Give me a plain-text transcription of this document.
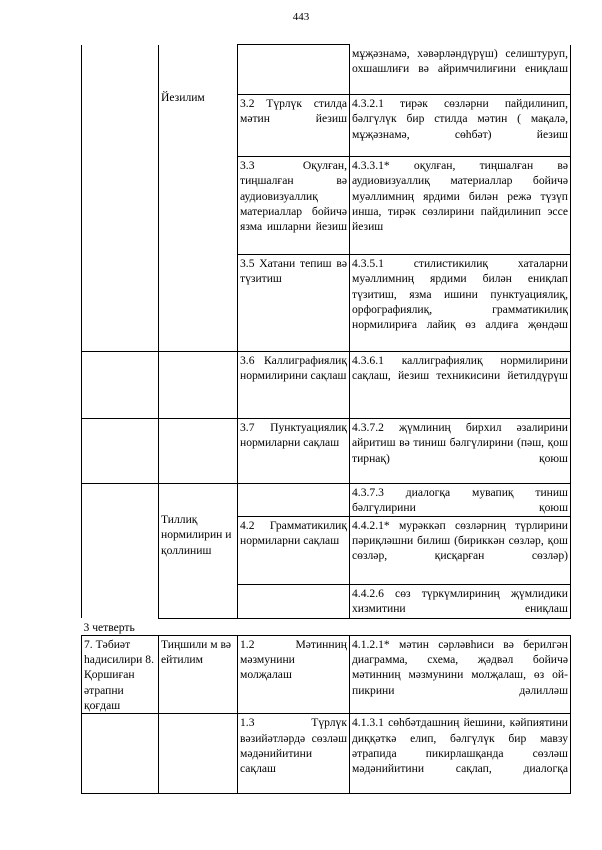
443

	Йезилим		мұҗәзнамә, хәвәрләндүрүш) селиштуруп, охшашлиғи вә айримчилиғини ениқлаш
		3.2 Түрлүк стилда мәтин йезиш	4.3.2.1 тирәк сөзләрни пайдилинип, бәлгүлүк бир стилда мәтин ( мақалә, мұҗәзнамә, сөһбәт) йезиш
		3.3 Оқулған, тиңшалған вә аудиовизуаллиқ материаллар бойичә язма ишларни йезиш	4.3.3.1* оқулған, тиңшалған вә аудиовизуаллиқ материаллар бойичә муәллимниң ярдими билән режә түзүп инша, тирәк сөзлирини пайдилинип эссе йезиш
		3.5 Хатани тепиш вә түзитиш	4.3.5.1 стилистикилиқ хаталарни муәллимниң ярдими билән ениқлап түзитиш, язма ишини пунктуациялиқ, орфографиялиқ, грамматикилиқ нормилириға лайиқ өз алдиға җөндәш
		3.6 Каллиграфиялиқ нормилирини сақлаш	4.3.6.1 каллиграфиялиқ нормилирини сақлаш, йезиш техникисини йетилдүрүш
		3.7 Пунктуациялиқ нормиларни сақлаш	4.3.7.2 җүмлиниң бирхил әзалирини айритиш вә тиниш бәлгүлирини (пәш, қош тирнақ) қоюш

	Тиллиқ нормилирин и қоллиниш		4.3.7.3 диалогқа мувапиқ тиниш бәлгүлирини қоюш
		4.2 Грамматикилиқ нормиларни сақлаш	4.4.2.1* мурәккәп сөзләрниң түрлирини пәриқләшни билиш (бириккән сөзләр, қош сөзләр, қисқарған сөзләр)
			4.4.2.6 сөз түркүмлириниң җүмлидики хизмитини ениқлаш
3 четверть			
7. Тәбиәт һадисилири 8. Қоршиған әтрапни қоғдаш	Тиңшили м вә ейтилим	1.2 Мәтинниң мәзмунини молҗалаш	4.1.2.1* мәтин сәрләвһиси вә берилгән диаграмма, схема, җәдвәл бойичә мәтинниң мәзмунини молҗалаш, өз ой-пикрини дәлилләш
		1.3 Түрлүк вәзийәтләрдә сөзләш мәдәнийитини сақлаш	4.1.3.1 сөһбәтдашниң йешини, кәйпиятини диққәткә елип, бәлгүлүк бир мавзу әтрапида пикирлашқанда сөзләш мәдәнийитини сақлап, диалогқа
